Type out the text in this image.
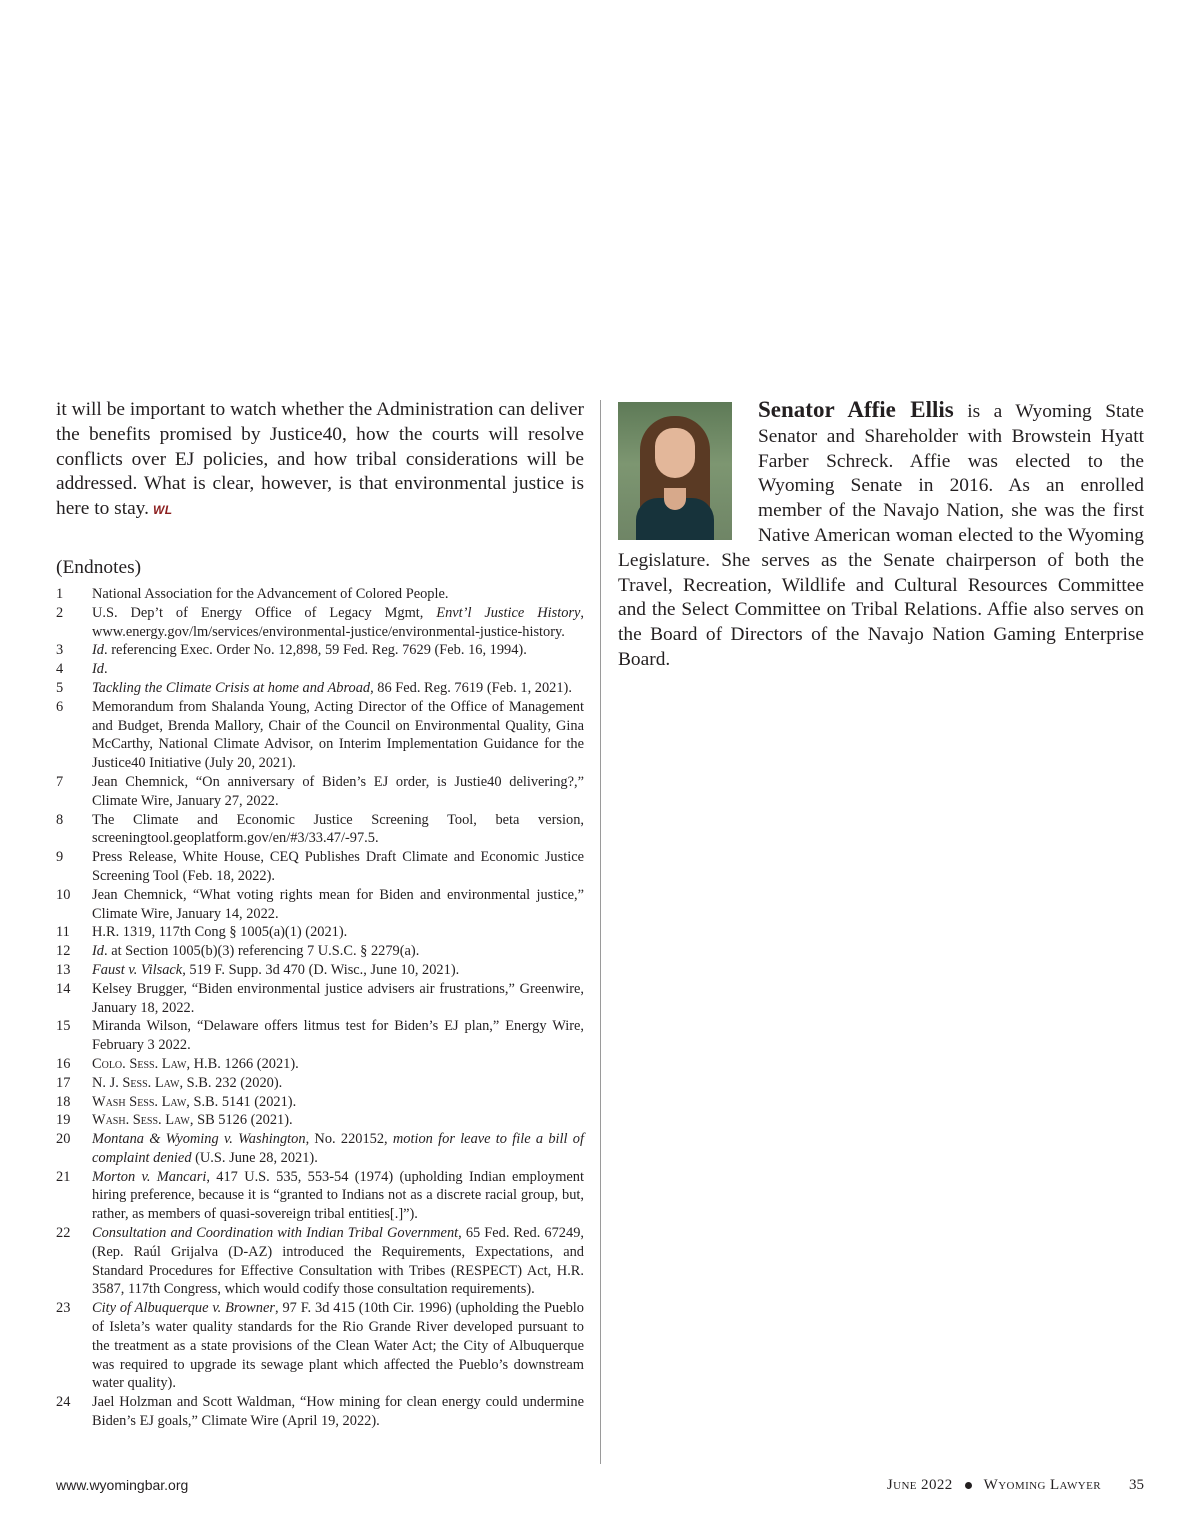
it will be important to watch whether the Administration can deliver the benefits promised by Justice40, how the courts will resolve conflicts over EJ policies, and how tribal considerations will be addressed. What is clear, however, is that environmental justice is here to stay. WL

(Endnotes)
1	National Association for the Advancement of Colored People.
2	U.S. Dep’t of Energy Office of Legacy Mgmt, Envt’l Justice History, www.energy.gov/lm/services/environmental-justice/environmental-justice-history.
3	Id. referencing Exec. Order No. 12,898, 59 Fed. Reg. 7629 (Feb. 16, 1994).
4	Id.
5	Tackling the Climate Crisis at home and Abroad, 86 Fed. Reg. 7619 (Feb. 1, 2021).
6	Memorandum from Shalanda Young, Acting Director of the Office of Management and Budget, Brenda Mallory, Chair of the Council on Environmental Quality, Gina McCarthy, National Climate Advisor, on Interim Implementation Guidance for the Justice40 Initiative (July 20, 2021).
7	Jean Chemnick, “On anniversary of Biden’s EJ order, is Justie40 delivering?,” Climate Wire, January 27, 2022.
8	The Climate and Economic Justice Screening Tool, beta version, screeningtool.geoplatform.gov/en/#3/33.47/-97.5.
9	Press Release, White House, CEQ Publishes Draft Climate and Economic Justice Screening Tool (Feb. 18, 2022).
10	Jean Chemnick, “What voting rights mean for Biden and environmental justice,” Climate Wire, January 14, 2022.
11	H.R. 1319, 117th Cong § 1005(a)(1) (2021).
12	Id. at Section 1005(b)(3) referencing 7 U.S.C. § 2279(a).
13	Faust v. Vilsack, 519 F. Supp. 3d 470 (D. Wisc., June 10, 2021).
14	Kelsey Brugger, “Biden environmental justice advisers air frustrations,” Greenwire, January 18, 2022.
15	Miranda Wilson, “Delaware offers litmus test for Biden’s EJ plan,” Energy Wire, February 3 2022.
16	Colo. Sess. Law, H.B. 1266 (2021).
17	N. J. Sess. Law, S.B. 232 (2020).
18	Wash Sess. Law, S.B. 5141 (2021).
19	Wash. Sess. Law, SB 5126 (2021).
20	Montana & Wyoming v. Washington, No. 220152, motion for leave to file a bill of complaint denied (U.S. June 28, 2021).
21	Morton v. Mancari, 417 U.S. 535, 553-54 (1974) (upholding Indian employment hiring preference, because it is “granted to Indians not as a discrete racial group, but, rather, as members of quasi-sovereign tribal entities[.]”).
22	Consultation and Coordination with Indian Tribal Government, 65 Fed. Red. 67249, (Rep. Raúl Grijalva (D-AZ) introduced the Requirements, Expectations, and Standard Procedures for Effective Consultation with Tribes (RESPECT) Act, H.R. 3587, 117th Congress, which would codify those consultation requirements).
23	City of Albuquerque v. Browner, 97 F. 3d 415 (10th Cir. 1996) (upholding the Pueblo of Isleta’s water quality standards for the Rio Grande River developed pursuant to the treatment as a state provisions of the Clean Water Act; the City of Albuquerque was required to upgrade its sewage plant which affected the Pueblo’s downstream water quality).
24	Jael Holzman and Scott Waldman, “How mining for clean energy could undermine Biden’s EJ goals,” Climate Wire (April 19, 2022).

Senator Affie Ellis is a Wyoming State Senator and Shareholder with Browstein Hyatt Farber Schreck. Affie was elected to the Wyoming Senate in 2016. As an enrolled member of the Navajo Nation, she was the first Native American woman elected to the Wyoming Legislature. She serves as the Senate chairperson of both the Travel, Recreation, Wildlife and Cultural Resources Committee and the Select Committee on Tribal Relations. Affie also serves on the Board of Directors of the Navajo Nation Gaming Enterprise Board.

www.wyomingbar.org	June 2022 Wyoming Lawyer 35
